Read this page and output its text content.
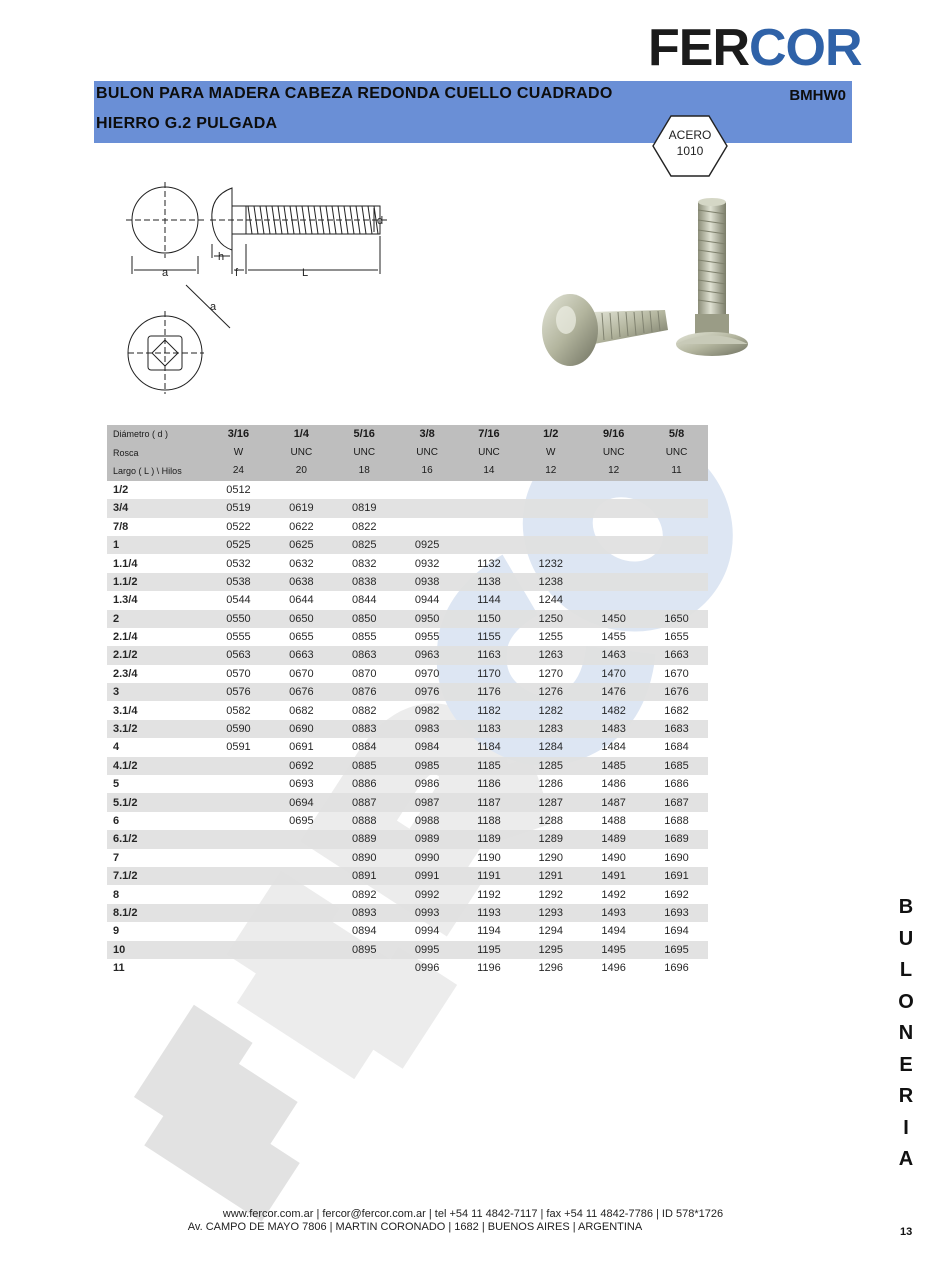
FERCOR
BULON PARA MADERA CABEZA REDONDA CUELLO CUADRADO
HIERRO G.2 PULGADA
BMHW0
ACERO
1010
a
h
f	L
d
a
Diámetro ( d )	3/16	1/4	5/16	3/8	7/16	1/2	9/16	5/8
Rosca	W	UNC	UNC	UNC	UNC	W	UNC	UNC
Largo ( L ) \ Hilos	24	20	18	16	14	12	12	11
1/2	0512							
3/4	0519	0619	0819					
7/8	0522	0622	0822					
1	0525	0625	0825	0925				
1.1/4	0532	0632	0832	0932	1132	1232		
1.1/2	0538	0638	0838	0938	1138	1238		
1.3/4	0544	0644	0844	0944	1144	1244		
2	0550	0650	0850	0950	1150	1250	1450	1650
2.1/4	0555	0655	0855	0955	1155	1255	1455	1655
2.1/2	0563	0663	0863	0963	1163	1263	1463	1663
2.3/4	0570	0670	0870	0970	1170	1270	1470	1670
3	0576	0676	0876	0976	1176	1276	1476	1676
3.1/4	0582	0682	0882	0982	1182	1282	1482	1682
3.1/2	0590	0690	0883	0983	1183	1283	1483	1683
4	0591	0691	0884	0984	1184	1284	1484	1684
4.1/2		0692	0885	0985	1185	1285	1485	1685
5		0693	0886	0986	1186	1286	1486	1686
5.1/2		0694	0887	0987	1187	1287	1487	1687
6		0695	0888	0988	1188	1288	1488	1688
6.1/2			0889	0989	1189	1289	1489	1689
7			0890	0990	1190	1290	1490	1690
7.1/2			0891	0991	1191	1291	1491	1691
8			0892	0992	1192	1292	1492	1692
8.1/2			0893	0993	1193	1293	1493	1693
9			0894	0994	1194	1294	1494	1694
10			0895	0995	1195	1295	1495	1695
11				0996	1196	1296	1496	1696
B
U
L
O
N
E
R
I
A
www.fercor.com.ar | fercor@fercor.com.ar | tel +54 11 4842-7117 | fax +54 11 4842-7786 | ID 578*1726
Av. CAMPO DE MAYO 7806 | MARTIN CORONADO | 1682 | BUENOS AIRES | ARGENTINA	13
